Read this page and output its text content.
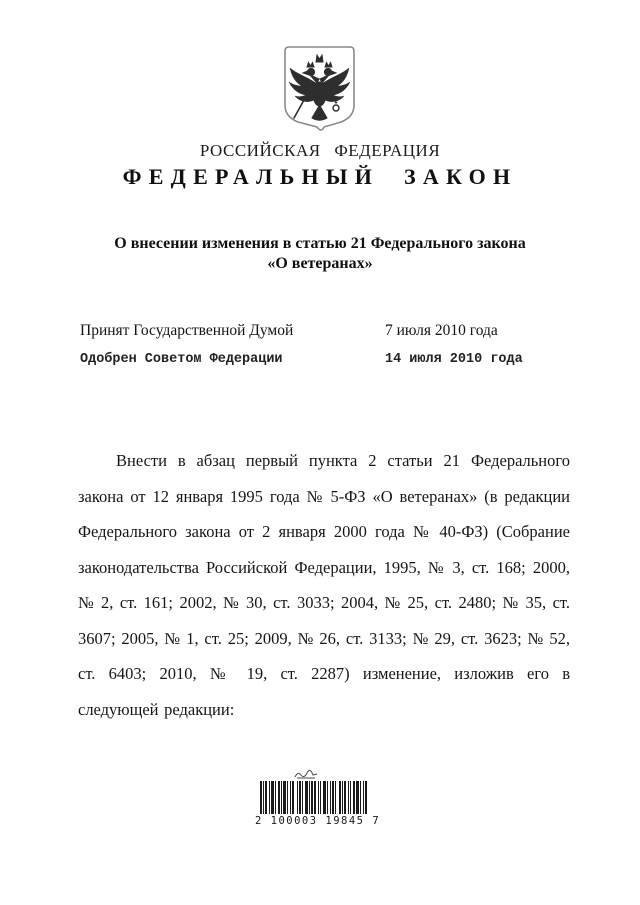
РОССИЙСКАЯ ФЕДЕРАЦИЯ
ФЕДЕРАЛЬНЫЙ ЗАКОН
О внесении изменения в статью 21 Федерального закона
«О ветеранах»
Принят Государственной Думой	7 июля 2010 года
Одобрен Советом Федерации	14 июля 2010 года
Внести в абзац первый пункта 2 статьи 21 Федерального закона от 12 января 1995 года № 5-ФЗ «О ветеранах» (в редакции Федерального закона от 2 января 2000 года № 40-ФЗ) (Собрание законодательства Российской Федерации, 1995, № 3, ст. 168; 2000, № 2, ст. 161; 2002, № 30, ст. 3033; 2004, № 25, ст. 2480; № 35, ст. 3607; 2005, № 1, ст. 25; 2009, № 26, ст. 3133; № 29, ст. 3623; № 52, ст. 6403; 2010, № 19, ст. 2287) изменение, изложив его в следующей редакции:
2 100003 19845 7
